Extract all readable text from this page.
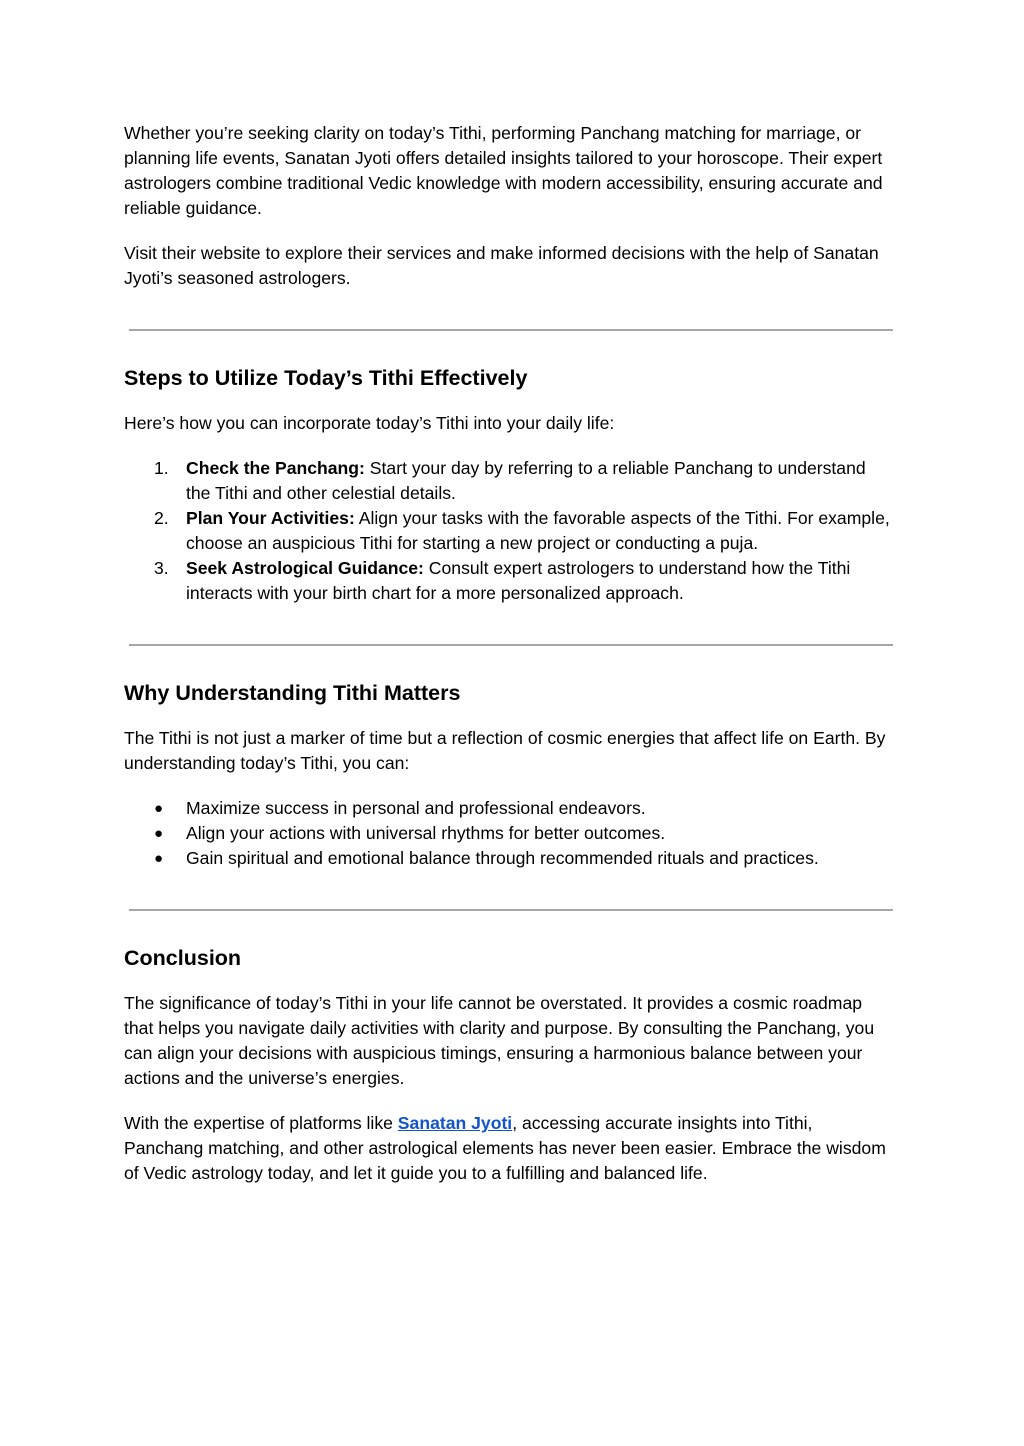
Whether you’re seeking clarity on today’s Tithi, performing Panchang matching for marriage, or planning life events, Sanatan Jyoti offers detailed insights tailored to your horoscope. Their expert astrologers combine traditional Vedic knowledge with modern accessibility, ensuring accurate and reliable guidance.

Visit their website to explore their services and make informed decisions with the help of Sanatan Jyoti’s seasoned astrologers.

Steps to Utilize Today’s Tithi Effectively

Here’s how you can incorporate today’s Tithi into your daily life:

1. Check the Panchang: Start your day by referring to a reliable Panchang to understand the Tithi and other celestial details.
2. Plan Your Activities: Align your tasks with the favorable aspects of the Tithi. For example, choose an auspicious Tithi for starting a new project or conducting a puja.
3. Seek Astrological Guidance: Consult expert astrologers to understand how the Tithi interacts with your birth chart for a more personalized approach.
Why Understanding Tithi Matters

The Tithi is not just a marker of time but a reflection of cosmic energies that affect life on Earth. By understanding today’s Tithi, you can:

● Maximize success in personal and professional endeavors.
● Align your actions with universal rhythms for better outcomes.
● Gain spiritual and emotional balance through recommended rituals and practices.
Conclusion

The significance of today’s Tithi in your life cannot be overstated. It provides a cosmic roadmap that helps you navigate daily activities with clarity and purpose. By consulting the Panchang, you can align your decisions with auspicious timings, ensuring a harmonious balance between your actions and the universe’s energies.

With the expertise of platforms like Sanatan Jyoti, accessing accurate insights into Tithi, Panchang matching, and other astrological elements has never been easier. Embrace the wisdom of Vedic astrology today, and let it guide you to a fulfilling and balanced life.
